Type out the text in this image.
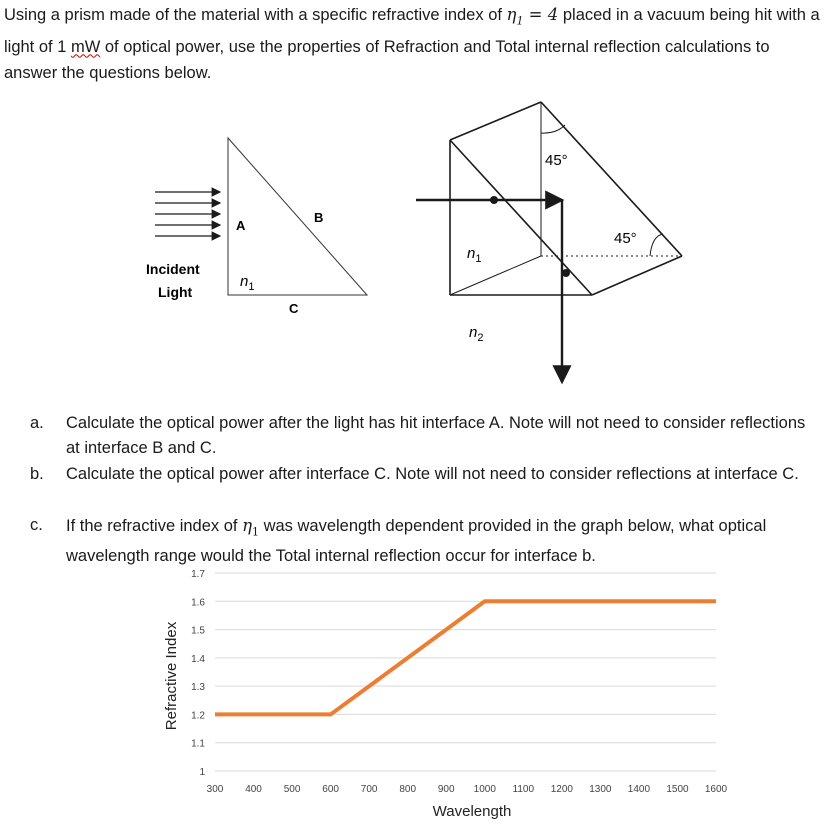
Using a prism made of the material with a specific refractive index of $\eta_1 = 4$ placed in a vacuum being hit with a light of 1 mW of optical power, use the properties of Refraction and Total internal reflection calculations to answer the questions below.
A
B
C
Incident
Light
$n_1$
45°
45°
$n_1$
$n_2$
a. Calculate the optical power after the light has hit interface A. Note will not need to consider reflections at interface B and C.
b. Calculate the optical power after interface C. Note will not need to consider reflections at interface C.
c. If the refractive index of $\eta_1$ was wavelength dependent provided in the graph below, what optical wavelength range would the Total internal reflection occur for interface b.
1
1.1
1.2
1.3
1.4
1.5
1.6
1.7
300 400 500 600 700 800 900 1000 1100 1200 1300 1400 1500 1600
Wavelength
Refractive Index
